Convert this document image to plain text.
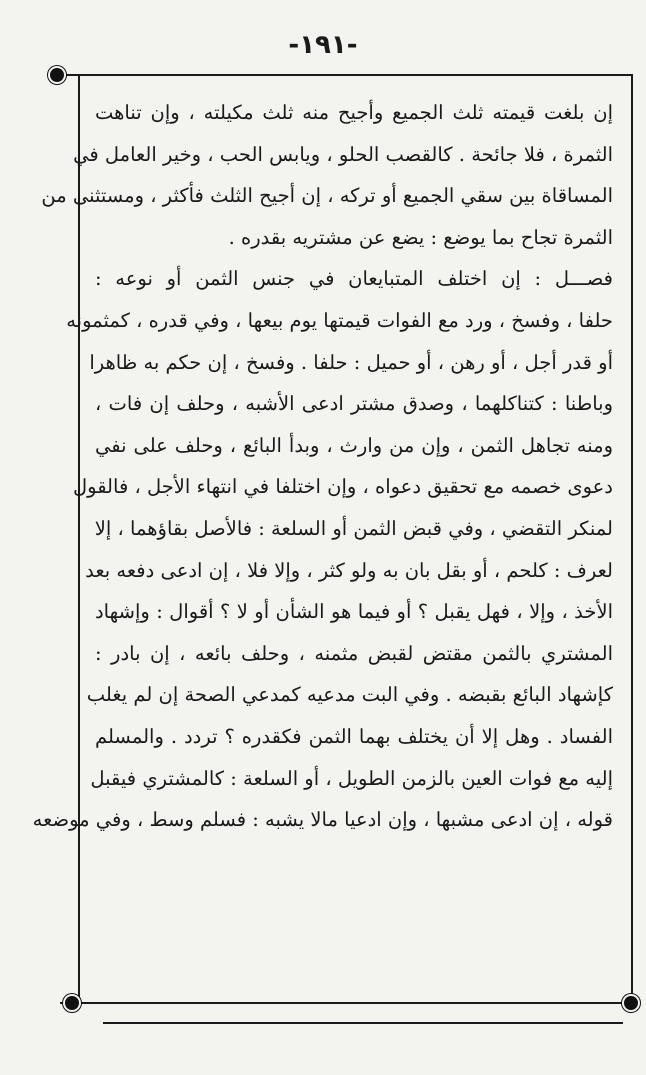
-١٩١-
إن بلغت قيمته ثلث الجميع وأجيح منه ثلث مكيلته ، وإن تناهت
الثمرة ، فلا جائحة . كالقصب الحلو ، ويابس الحب ، وخير العامل في
المساقاة بين سقي الجميع أو تركه ، إن أجيح الثلث فأكثر ، ومستثنى من
الثمرة تجاح بما يوضع : يضع عن مشتريه بقدره .
فصـــل : إن اختلف المتبايعان في جنس الثمن أو نوعه :
حلفا ، وفسخ ، ورد مع الفوات قيمتها يوم بيعها ، وفي قدره ، كمثمونه
أو قدر أجل ، أو رهن ، أو حميل : حلفا . وفسخ ، إن حكم به ظاهرا
وباطنا : كتناكلهما ، وصدق مشتر ادعى الأشبه ، وحلف إن فات ،
ومنه تجاهل الثمن ، وإن من وارث ، وبدأ البائع ، وحلف على نفي
دعوى خصمه مع تحقيق دعواه ، وإن اختلفا في انتهاء الأجل ، فالقول
لمنكر التقضي ، وفي قبض الثمن أو السلعة : فالأصل بقاؤهما ، إلا
لعرف : كلحم ، أو بقل بان به ولو كثر ، وإلا فلا ، إن ادعى دفعه بعد
الأخذ ، وإلا ، فهل يقبل ؟ أو فيما هو الشأن أو لا ؟ أقوال : وإشهاد
المشتري بالثمن مقتض لقبض مثمنه ، وحلف بائعه ، إن بادر :
كإشهاد البائع بقبضه . وفي البت مدعيه كمدعي الصحة إن لم يغلب
الفساد . وهل إلا أن يختلف بهما الثمن فكقدره ؟ تردد . والمسلم
إليه مع فوات العين بالزمن الطويل ، أو السلعة : كالمشتري فيقبل
قوله ، إن ادعى مشبها ، وإن ادعيا مالا يشبه : فسلم وسط ، وفي موضعه
